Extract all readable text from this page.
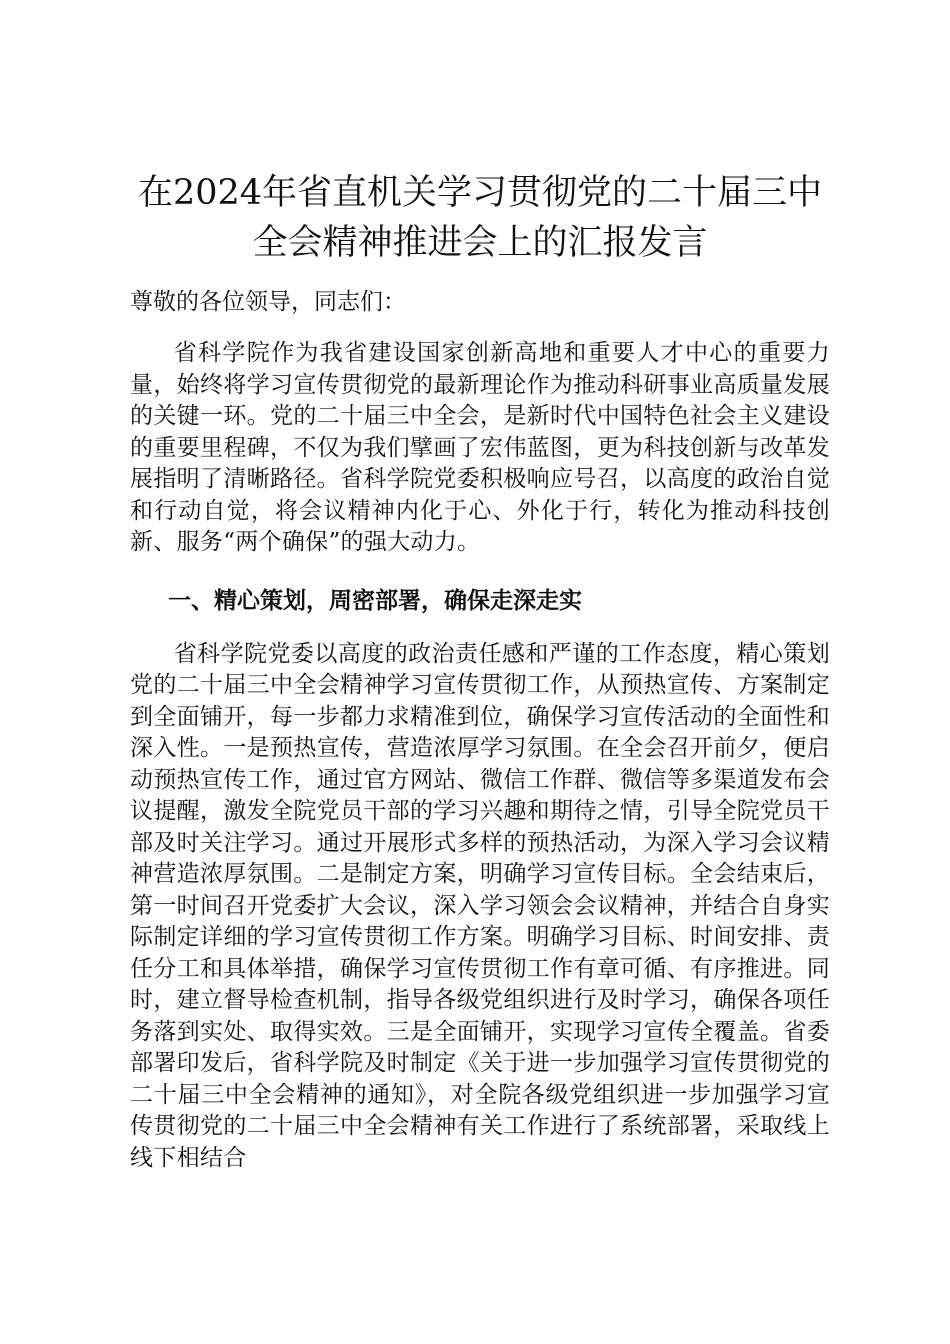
在2024年省直机关学习贯彻党的二十届三中
全会精神推进会上的汇报发言

尊敬的各位领导，同志们：

省科学院作为我省建设国家创新高地和重要人才中心的重要力量，始终将学习宣传贯彻党的最新理论作为推动科研事业高质量发展的关键一环。党的二十届三中全会，是新时代中国特色社会主义建设的重要里程碑，不仅为我们擘画了宏伟蓝图，更为科技创新与改革发展指明了清晰路径。省科学院党委积极响应号召，以高度的政治自觉和行动自觉，将会议精神内化于心、外化于行，转化为推动科技创新、服务“两个确保”的强大动力。

一、精心策划，周密部署，确保走深走实

省科学院党委以高度的政治责任感和严谨的工作态度，精心策划党的二十届三中全会精神学习宣传贯彻工作，从预热宣传、方案制定到全面铺开，每一步都力求精准到位，确保学习宣传活动的全面性和深入性。一是预热宣传，营造浓厚学习氛围。在全会召开前夕，便启动预热宣传工作，通过官方网站、微信工作群、微信等多渠道发布会议提醒，激发全院党员干部的学习兴趣和期待之情，引导全院党员干部及时关注学习。通过开展形式多样的预热活动，为深入学习会议精神营造浓厚氛围。二是制定方案，明确学习宣传目标。全会结束后，第一时间召开党委扩大会议，深入学习领会会议精神，并结合自身实际制定详细的学习宣传贯彻工作方案。明确学习目标、时间安排、责任分工和具体举措，确保学习宣传贯彻工作有章可循、有序推进。同时，建立督导检查机制，指导各级党组织进行及时学习，确保各项任务落到实处、取得实效。三是全面铺开，实现学习宣传全覆盖。省委部署印发后，省科学院及时制定《关于进一步加强学习宣传贯彻党的二十届三中全会精神的通知》，对全院各级党组织进一步加强学习宣传贯彻党的二十届三中全会精神有关工作进行了系统部署，采取线上线下相结合
